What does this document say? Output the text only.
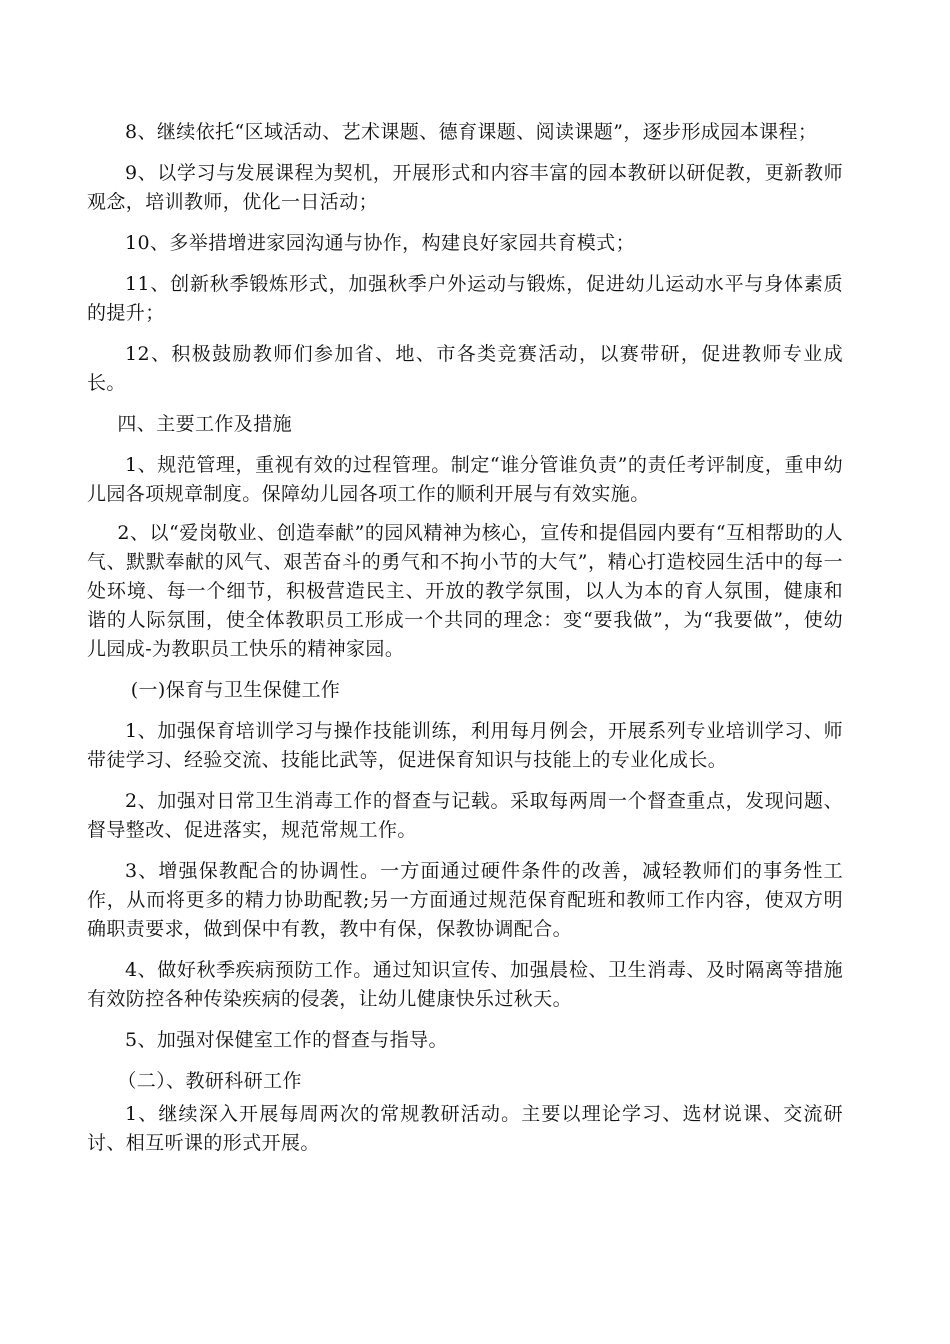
8、继续依托“区域活动、艺术课题、德育课题、阅读课题”，逐步形成园本课程；

9、以学习与发展课程为契机，开展形式和内容丰富的园本教研以研促教，更新教师观念，培训教师，优化一日活动；

10、多举措增进家园沟通与协作，构建良好家园共育模式；

11、创新秋季锻炼形式，加强秋季户外运动与锻炼，促进幼儿运动水平与身体素质的提升；

12、积极鼓励教师们参加省、地、市各类竞赛活动，以赛带研，促进教师专业成长。

四、主要工作及措施

1、规范管理，重视有效的过程管理。制定“谁分管谁负责”的责任考评制度，重申幼儿园各项规章制度。保障幼儿园各项工作的顺利开展与有效实施。

2、以“爱岗敬业、创造奉献”的园风精神为核心，宣传和提倡园内要有“互相帮助的人气、默默奉献的风气、艰苦奋斗的勇气和不拘小节的大气”，精心打造校园生活中的每一处环境、每一个细节，积极营造民主、开放的教学氛围，以人为本的育人氛围，健康和谐的人际氛围，使全体教职员工形成一个共同的理念：变“要我做”，为“我要做”，使幼儿园成-为教职员工快乐的精神家园。

(一)保育与卫生保健工作

1、加强保育培训学习与操作技能训练，利用每月例会，开展系列专业培训学习、师带徒学习、经验交流、技能比武等，促进保育知识与技能上的专业化成长。

2、加强对日常卫生消毒工作的督查与记载。采取每两周一个督查重点，发现问题、督导整改、促进落实，规范常规工作。

3、增强保教配合的协调性。一方面通过硬件条件的改善，减轻教师们的事务性工作，从而将更多的精力协助配教;另一方面通过规范保育配班和教师工作内容，使双方明确职责要求，做到保中有教，教中有保，保教协调配合。

4、做好秋季疾病预防工作。通过知识宣传、加强晨检、卫生消毒、及时隔离等措施有效防控各种传染疾病的侵袭，让幼儿健康快乐过秋天。

5、加强对保健室工作的督查与指导。

（二）、教研科研工作

1、继续深入开展每周两次的常规教研活动。主要以理论学习、选材说课、交流研讨、相互听课的形式开展。
